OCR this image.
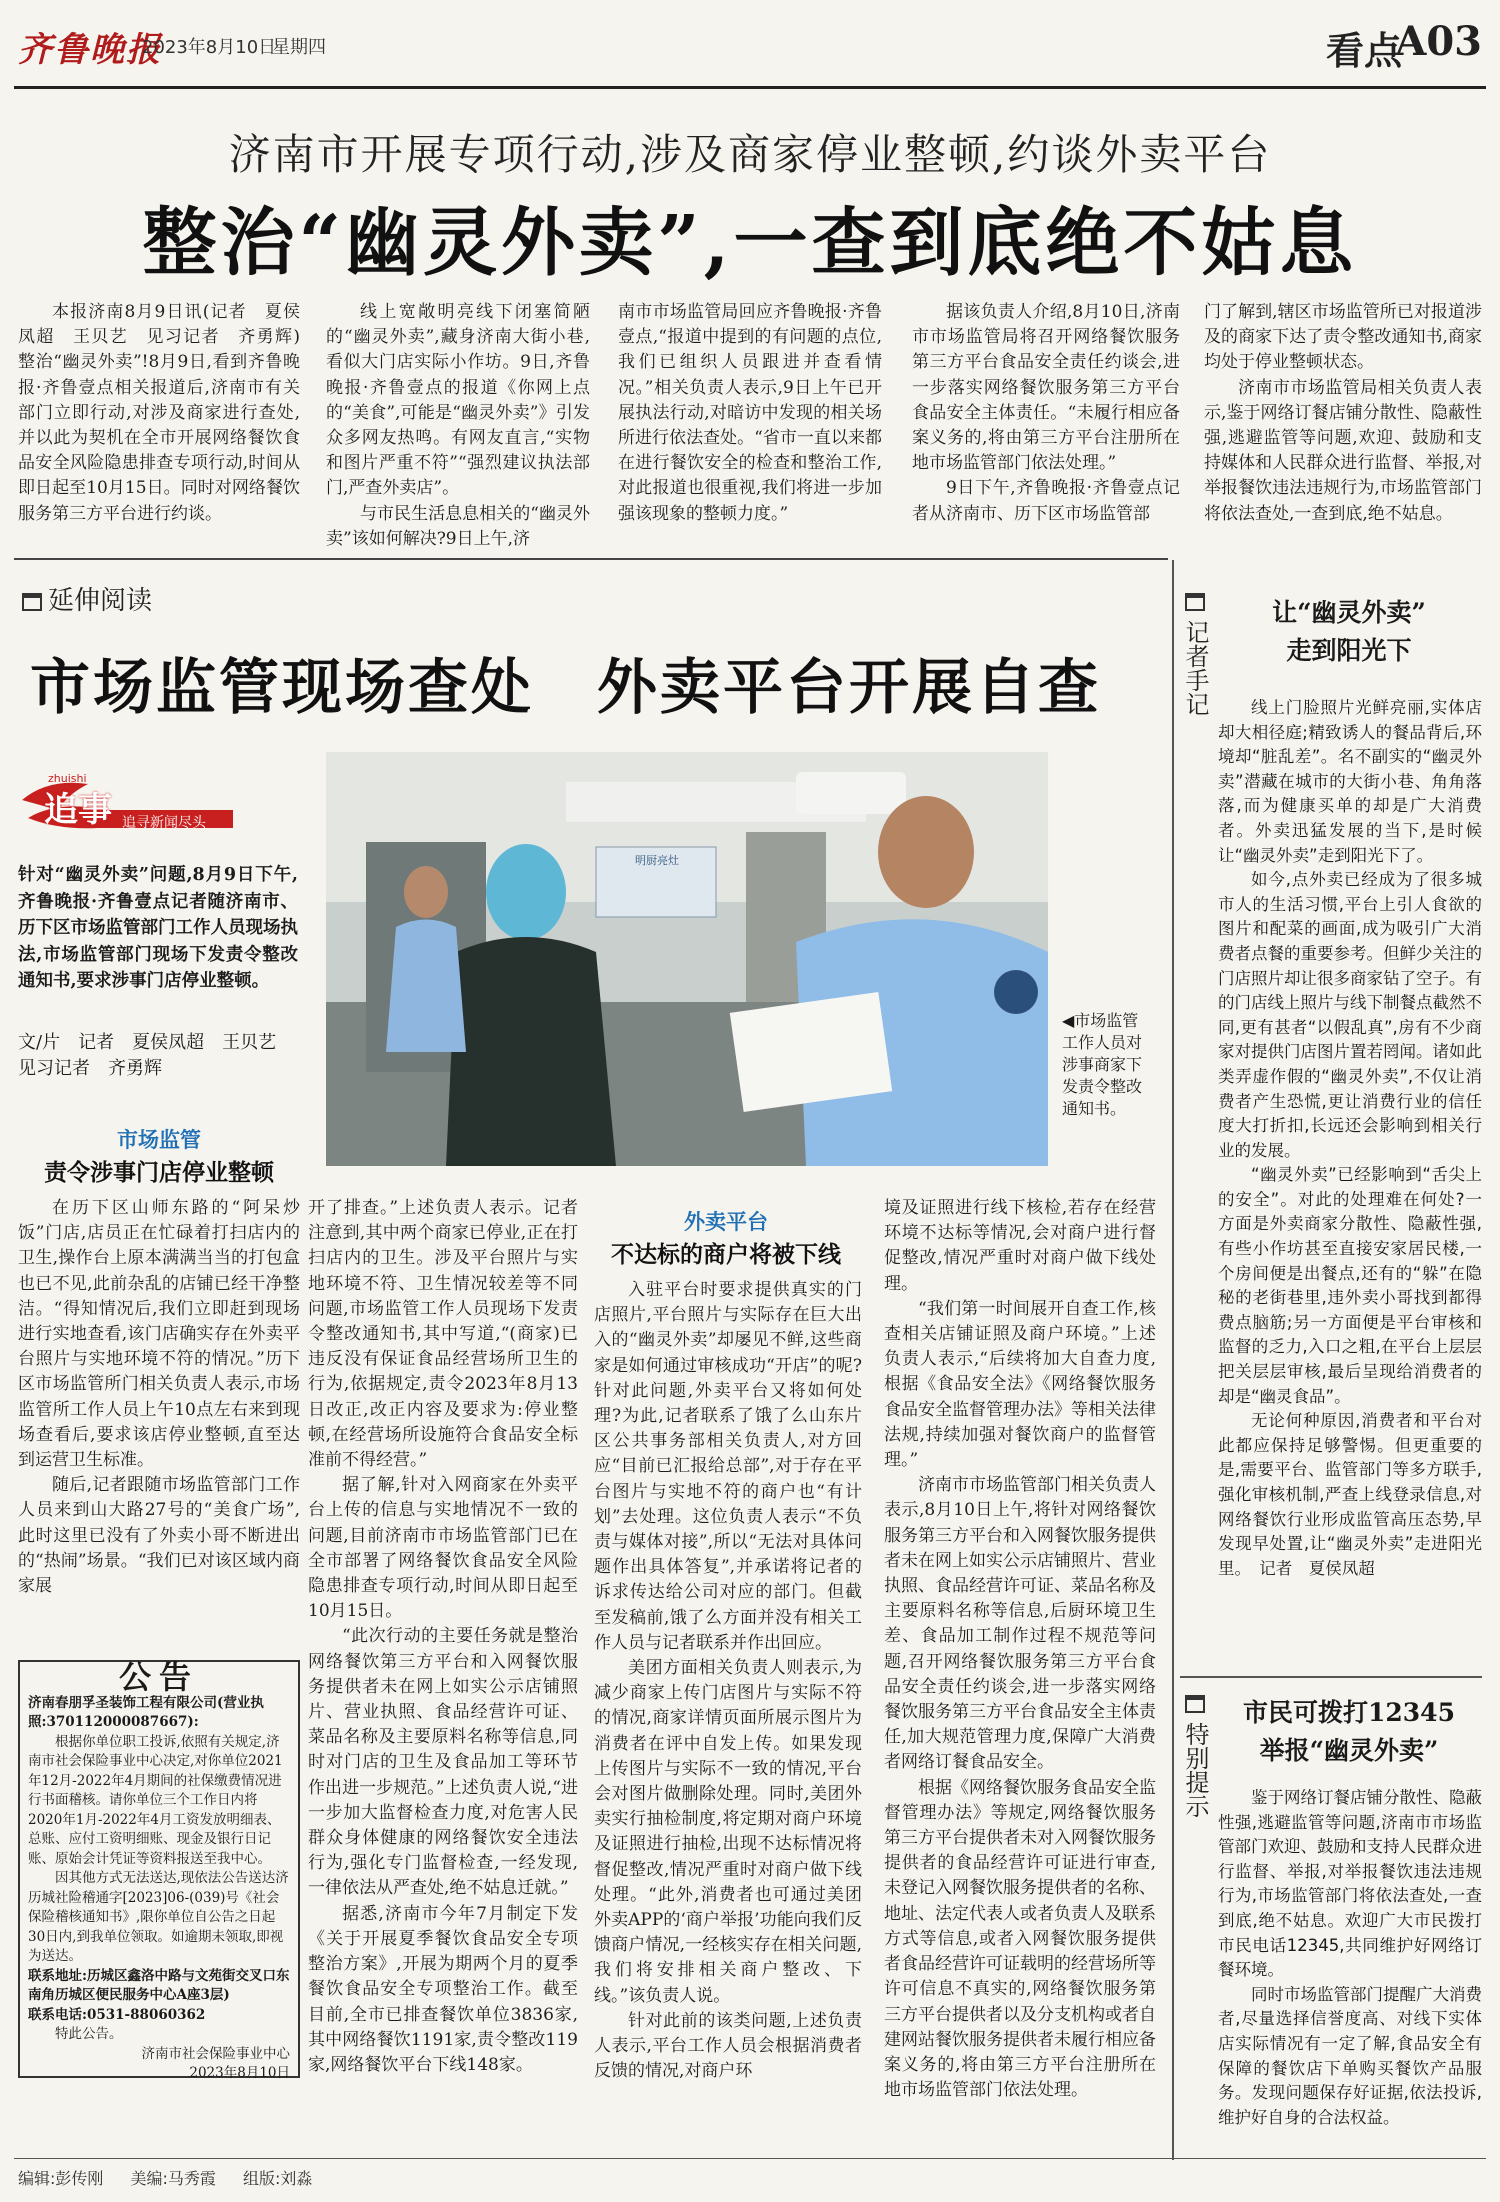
齐鲁晚报
2023年8月10日
星期四	看点
A03
济南市开展专项行动,涉及商家停业整顿,约谈外卖平台
整治“幽灵外卖”,一查到底绝不姑息

本报济南8月9日讯(记者　夏侯凤超　王贝艺　见习记者　齐勇辉)　整治“幽灵外卖”!8月9日,看到齐鲁晚报·齐鲁壹点相关报道后,济南市有关部门立即行动,对涉及商家进行查处,并以此为契机在全市开展网络餐饮食品安全风险隐患排查专项行动,时间从即日起至10月15日。同时对网络餐饮服务第三方平台进行约谈。

线上宽敞明亮线下闭塞简陋的“幽灵外卖”,藏身济南大街小巷,看似大门店实际小作坊。9日,齐鲁晚报·齐鲁壹点的报道《你网上点的“美食”,可能是“幽灵外卖”》引发众多网友热鸣。有网友直言,“实物和图片严重不符”“强烈建议执法部门,严查外卖店”。

与市民生活息息相关的“幽灵外卖”该如何解决?9日上午,济

南市市场监管局回应齐鲁晚报·齐鲁壹点,“报道中提到的有问题的点位,我们已组织人员跟进并查看情况。”相关负责人表示,9日上午已开展执法行动,对暗访中发现的相关场所进行依法查处。“省市一直以来都在进行餐饮安全的检查和整治工作,对此报道也很重视,我们将进一步加强该现象的整顿力度。”

据该负责人介绍,8月10日,济南市市场监管局将召开网络餐饮服务第三方平台食品安全责任约谈会,进一步落实网络餐饮服务第三方平台食品安全主体责任。“未履行相应备案义务的,将由第三方平台注册所在地市场监管部门依法处理。”

9日下午,齐鲁晚报·齐鲁壹点记者从济南市、历下区市场监管部

门了解到,辖区市场监管所已对报道涉及的商家下达了责令整改通知书,商家均处于停业整顿状态。

济南市市场监管局相关负责人表示,鉴于网络订餐店铺分散性、隐蔽性强,逃避监管等问题,欢迎、鼓励和支持媒体和人民群众进行监督、举报,对举报餐饮违法违规行为,市场监管部门将依法查处,一查到底,绝不姑息。

延伸阅读
市场监管现场查处　外卖平台开展自查
zhuishi
追事 追寻新闻尽头
针对“幽灵外卖”问题,8月9日下午,齐鲁晚报·齐鲁壹点记者随济南市、历下区市场监管部门工作人员现场执法,市场监管部门现场下发责令整改通知书,要求涉事门店停业整顿。
文/片　记者　夏侯凤超　王贝艺
见习记者　齐勇辉
明厨亮灶
◀市场监管工作人员对涉事商家下发责令整改通知书。
市场监管
责令涉事门店停业整顿

在历下区山师东路的“阿呆炒饭”门店,店员正在忙碌着打扫店内的卫生,操作台上原本满满当当的打包盒也已不见,此前杂乱的店铺已经干净整洁。“得知情况后,我们立即赶到现场进行实地查看,该门店确实存在外卖平台照片与实地环境不符的情况。”历下区市场监管所门相关负责人表示,市场监管所工作人员上午10点左右来到现场查看后,要求该店停业整顿,直至达到运营卫生标准。

随后,记者跟随市场监管部门工作人员来到山大路27号的“美食广场”,此时这里已没有了外卖小哥不断进出的“热闹”场景。“我们已对该区域内商家展

开了排查。”上述负责人表示。记者注意到,其中两个商家已停业,正在打扫店内的卫生。涉及平台照片与实地环境不符、卫生情况较差等不同问题,市场监管工作人员现场下发责令整改通知书,其中写道,“(商家)已违反没有保证食品经营场所卫生的行为,依据规定,责令2023年8月13日改正,改正内容及要求为:停业整顿,在经营场所设施符合食品安全标准前不得经营。”

据了解,针对入网商家在外卖平台上传的信息与实地情况不一致的问题,目前济南市市场监管部门已在全市部署了网络餐饮食品安全风险隐患排查专项行动,时间从即日起至10月15日。

“此次行动的主要任务就是整治网络餐饮第三方平台和入网餐饮服务提供者未在网上如实公示店铺照片、营业执照、食品经营许可证、菜品名称及主要原料名称等信息,同时对门店的卫生及食品加工等环节作出进一步规范。”上述负责人说,“进一步加大监督检查力度,对危害人民群众身体健康的网络餐饮安全违法行为,强化专门监督检查,一经发现,一律依法从严查处,绝不姑息迁就。”

据悉,济南市今年7月制定下发《关于开展夏季餐饮食品安全专项整治方案》,开展为期两个月的夏季餐饮食品安全专项整治工作。截至目前,全市已排查餐饮单位3836家,其中网络餐饮1191家,责令整改119家,网络餐饮平台下线148家。

公告
济南春朋孚圣装饰工程有限公司(营业执照:370112000087667):
根据你单位职工投诉,依照有关规定,济南市社会保险事业中心决定,对你单位2021年12月-2022年4月期间的社保缴费情况进行书面稽核。请你单位三个工作日内将2020年1月-2022年4月工资发放明细表、总账、应付工资明细账、现金及银行日记账、原始会计凭证等资料报送至我中心。
因其他方式无法送达,现依法公告送达济历城社险稽通字[2023]06-(039)号《社会保险稽核通知书》,限你单位自公告之日起30日内,到我单位领取。如逾期未领取,即视为送达。
联系地址:历城区鑫洛中路与文苑街交叉口东南角历城区便民服务中心A座3层)
联系电话:0531-88060362
特此公告。
济南市社会保险事业中心
2023年8月10日
外卖平台
不达标的商户将被下线

入驻平台时要求提供真实的门店照片,平台照片与实际存在巨大出入的“幽灵外卖”却屡见不鲜,这些商家是如何通过审核成功“开店”的呢?针对此问题,外卖平台又将如何处理?为此,记者联系了饿了么山东片区公共事务部相关负责人,对方回应“目前已汇报给总部”,对于存在平台图片与实地不符的商户也“有计划”去处理。这位负责人表示“不负责与媒体对接”,所以“无法对具体问题作出具体答复”,并承诺将记者的诉求传达给公司对应的部门。但截至发稿前,饿了么方面并没有相关工作人员与记者联系并作出回应。

美团方面相关负责人则表示,为减少商家上传门店图片与实际不符的情况,商家详情页面所展示图片为消费者在评中自发上传。如果发现上传图片与实际不一致的情况,平台会对图片做删除处理。同时,美团外卖实行抽检制度,将定期对商户环境及证照进行抽检,出现不达标情况将督促整改,情况严重时对商户做下线处理。“此外,消费者也可通过美团外卖APP的‘商户举报’功能向我们反馈商户情况,一经核实存在相关问题,我们将安排相关商户整改、下线。”该负责人说。

针对此前的该类问题,上述负责人表示,平台工作人员会根据消费者反馈的情况,对商户环

境及证照进行线下核检,若存在经营环境不达标等情况,会对商户进行督促整改,情况严重时对商户做下线处理。

“我们第一时间展开自查工作,核查相关店铺证照及商户环境。”上述负责人表示,“后续将加大自查力度,根据《食品安全法》《网络餐饮服务食品安全监督管理办法》等相关法律法规,持续加强对餐饮商户的监督管理。”

济南市市场监管部门相关负责人表示,8月10日上午,将针对网络餐饮服务第三方平台和入网餐饮服务提供者未在网上如实公示店铺照片、营业执照、食品经营许可证、菜品名称及主要原料名称等信息,后厨环境卫生差、食品加工制作过程不规范等问题,召开网络餐饮服务第三方平台食品安全责任约谈会,进一步落实网络餐饮服务第三方平台食品安全主体责任,加大规范管理力度,保障广大消费者网络订餐食品安全。

根据《网络餐饮服务食品安全监督管理办法》等规定,网络餐饮服务第三方平台提供者未对入网餐饮服务提供者的食品经营许可证进行审查,未登记入网餐饮服务提供者的名称、地址、法定代表人或者负责人及联系方式等信息,或者入网餐饮服务提供者食品经营许可证载明的经营场所等许可信息不真实的,网络餐饮服务第三方平台提供者以及分支机构或者自建网站餐饮服务提供者未履行相应备案义务的,将由第三方平台注册所在地市场监管部门依法处理。

记者手记
让“幽灵外卖”
走到阳光下

线上门脸照片光鲜亮丽,实体店却大相径庭;精致诱人的餐品背后,环境却“脏乱差”。名不副实的“幽灵外卖”潜藏在城市的大街小巷、角角落落,而为健康买单的却是广大消费者。外卖迅猛发展的当下,是时候让“幽灵外卖”走到阳光下了。

如今,点外卖已经成为了很多城市人的生活习惯,平台上引人食欲的图片和配菜的画面,成为吸引广大消费者点餐的重要参考。但鲜少关注的门店照片却让很多商家钻了空子。有的门店线上照片与线下制餐点截然不同,更有甚者“以假乱真”,房有不少商家对提供门店图片置若罔闻。诸如此类弄虚作假的“幽灵外卖”,不仅让消费者产生恐慌,更让消费行业的信任度大打折扣,长远还会影响到相关行业的发展。

“幽灵外卖”已经影响到“舌尖上的安全”。对此的处理难在何处?一方面是外卖商家分散性、隐蔽性强,有些小作坊甚至直接安家居民楼,一个房间便是出餐点,还有的“躲”在隐秘的老街巷里,违外卖小哥找到都得费点脑筋;另一方面便是平台审核和监督的乏力,入口之粗,在平台上层层把关层层审核,最后呈现给消费者的却是“幽灵食品”。

无论何种原因,消费者和平台对此都应保持足够警惕。但更重要的是,需要平台、监管部门等多方联手,强化审核机制,严查上线登录信息,对网络餐饮行业形成监管高压态势,早发现早处置,让“幽灵外卖”走进阳光里。　记者　夏侯凤超

特别提示
市民可拨打12345
举报“幽灵外卖”

鉴于网络订餐店铺分散性、隐蔽性强,逃避监管等问题,济南市市场监管部门欢迎、鼓励和支持人民群众进行监督、举报,对举报餐饮违法违规行为,市场监管部门将依法查处,一查到底,绝不姑息。欢迎广大市民拨打市民电话12345,共同维护好网络订餐环境。

同时市场监管部门提醒广大消费者,尽量选择信誉度高、对线下实体店实际情况有一定了解,食品安全有保障的餐饮店下单购买餐饮产品服务。发现问题保存好证据,依法投诉,维护好自身的合法权益。

编辑:彭传刚 美编:马秀霞 组版:刘淼
